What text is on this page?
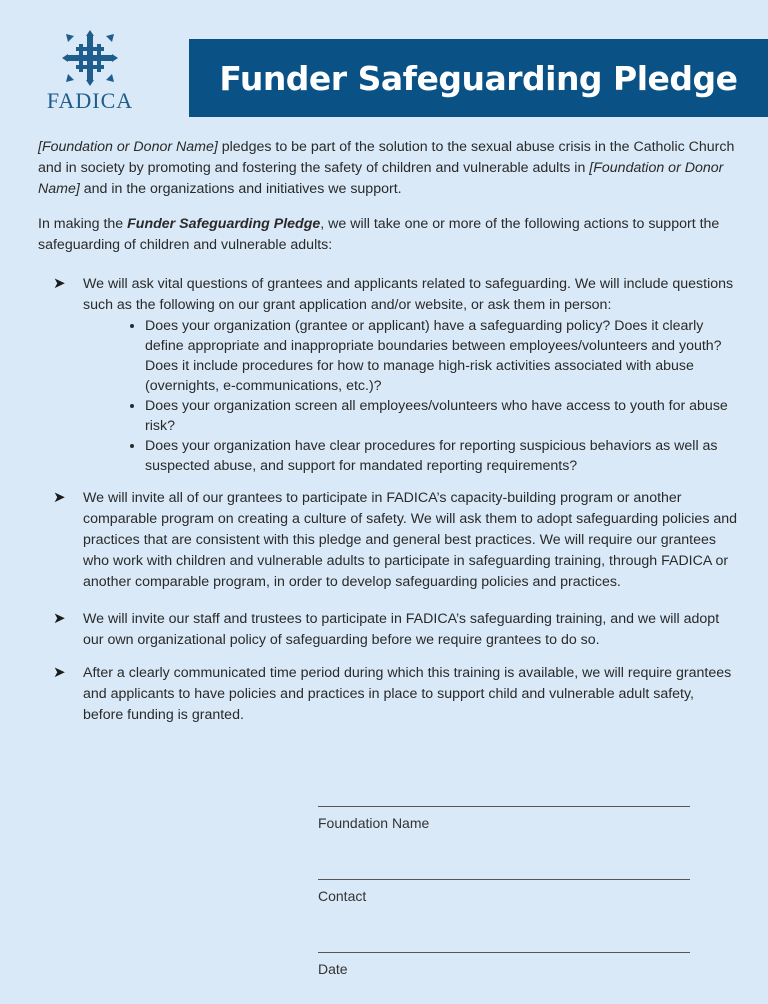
FADICA
Funder Safeguarding Pledge

[Foundation or Donor Name] pledges to be part of the solution to the sexual abuse crisis in the Catholic Church and in society by promoting and fostering the safety of children and vulnerable adults in [Foundation or Donor Name] and in the organizations and initiatives we support.

In making the Funder Safeguarding Pledge, we will take one or more of the following actions to support the safeguarding of children and vulnerable adults:

➤ We will ask vital questions of grantees and applicants related to safeguarding. We will include questions such as the following on our grant application and/or website, or ask them in person:
• Does your organization (grantee or applicant) have a safeguarding policy? Does it clearly define appropriate and inappropriate boundaries between employees/volunteers and youth? Does it include procedures for how to manage high-risk activities associated with abuse (overnights, e-communications, etc.)?
• Does your organization screen all employees/volunteers who have access to youth for abuse risk?
• Does your organization have clear procedures for reporting suspicious behaviors as well as suspected abuse, and support for mandated reporting requirements?
➤ We will invite all of our grantees to participate in FADICA’s capacity-building program or another comparable program on creating a culture of safety. We will ask them to adopt safeguarding policies and practices that are consistent with this pledge and general best practices. We will require our grantees who work with children and vulnerable adults to participate in safeguarding training, through FADICA or another comparable program, in order to develop safeguarding policies and practices.
➤ We will invite our staff and trustees to participate in FADICA’s safeguarding training, and we will adopt our own organizational policy of safeguarding before we require grantees to do so.
➤ After a clearly communicated time period during which this training is available, we will require grantees and applicants to have policies and practices in place to support child and vulnerable adult safety, before funding is granted.
Foundation Name
Contact
Date
